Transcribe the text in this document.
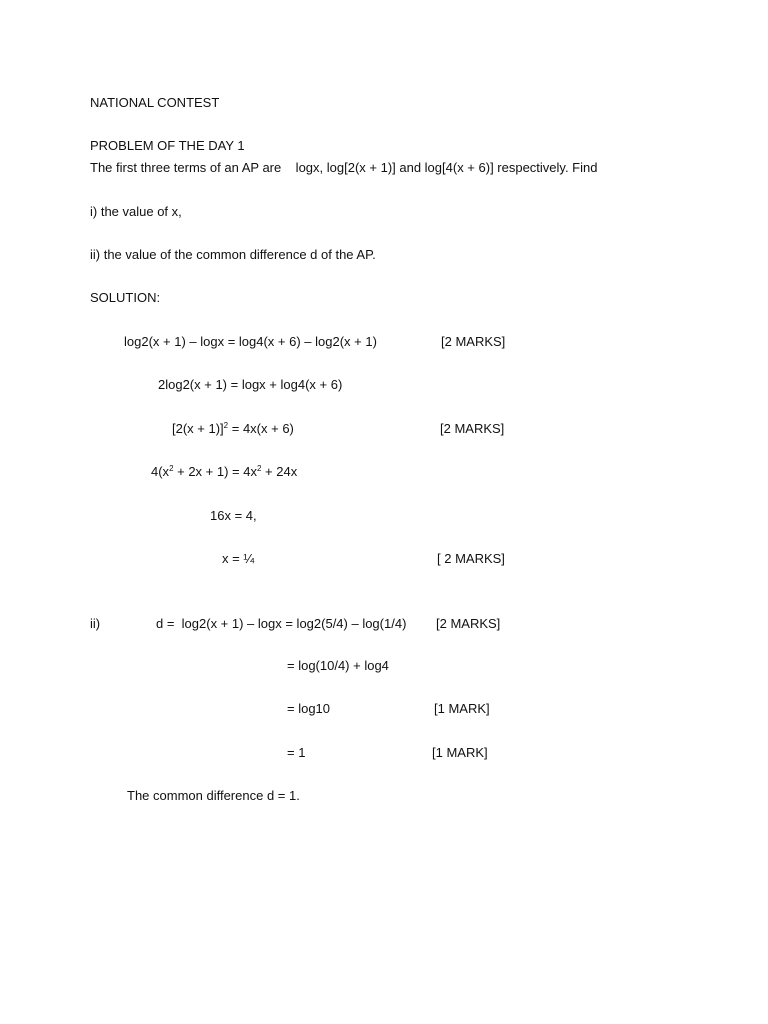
NATIONAL CONTEST
PROBLEM OF THE DAY 1
The first three terms of an AP are    logx, log[2(x + 1)] and log[4(x + 6)] respectively. Find
i) the value of x,
ii) the value of the common difference d of the AP.
SOLUTION:
log2(x + 1) – logx = log4(x + 6) – log2(x + 1)	[2 MARKS]
2log2(x + 1) = logx + log4(x + 6)
$[2(x + 1)]^2 = 4x(x + 6)$	[2 MARKS]
$4(x^2 + 2x + 1) = 4x^2 + 24x$
16x = 4,
x = ¼	[ 2 MARKS]
ii)	d =  log2(x + 1) – logx = log2(5/4) – log(1/4) [2 MARKS]
= log(10/4) + log4
= log10	[1 MARK]
= 1	[1 MARK]
The common difference d = 1.
